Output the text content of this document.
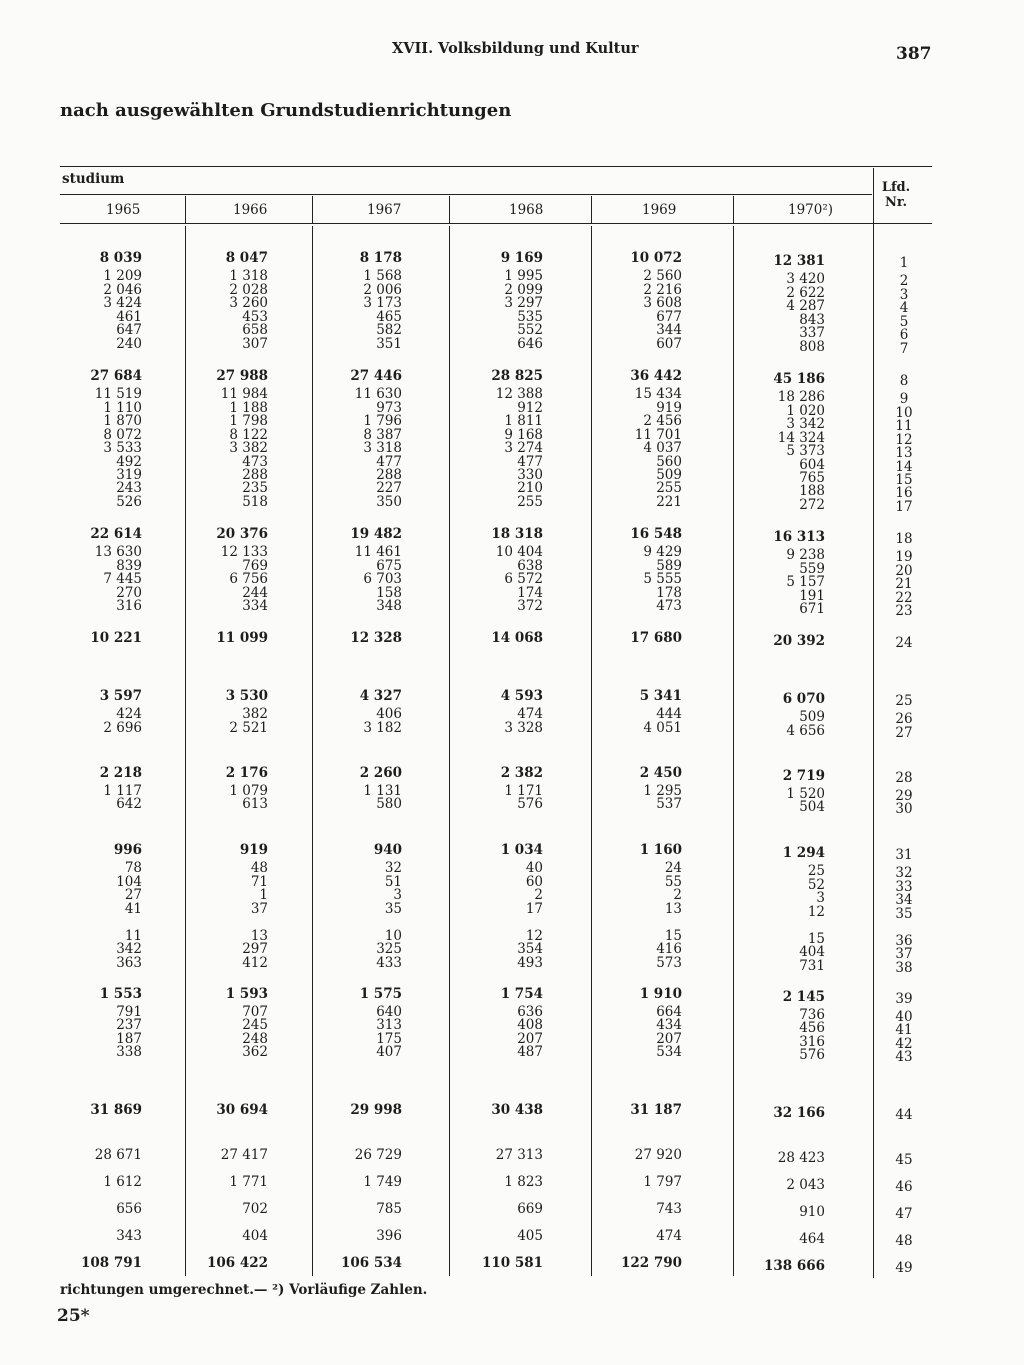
XVII. Volksbildung und Kultur	387
nach ausgewählten Grundstudienrichtungen
studium
1965	1966	1967	1968	1969	1970²)
Lfd.
Nr.
8 039	8 047	8 178	9 169	10 072	12 381	1
1 209	1 318	1 568	1 995	2 560	3 420	2
2 046	2 028	2 006	2 099	2 216	2 622	3
3 424	3 260	3 173	3 297	3 608	4 287	4
461	453	465	535	677	843	5
647	658	582	552	344	337	6
240	307	351	646	607	808	7
27 684	27 988	27 446	28 825	36 442	45 186	8
11 519	11 984	11 630	12 388	15 434	18 286	9
1 110	1 188	973	912	919	1 020	10
1 870	1 798	1 796	1 811	2 456	3 342	11
8 072	8 122	8 387	9 168	11 701	14 324	12
3 533	3 382	3 318	3 274	4 037	5 373	13
492	473	477	477	560	604	14
319	288	288	330	509	765	15
243	235	227	210	255	188	16
526	518	350	255	221	272	17
22 614	20 376	19 482	18 318	16 548	16 313	18
13 630	12 133	11 461	10 404	9 429	9 238	19
839	769	675	638	589	559	20
7 445	6 756	6 703	6 572	5 555	5 157	21
270	244	158	174	178	191	22
316	334	348	372	473	671	23
10 221	11 099	12 328	14 068	17 680	20 392	24
3 597	3 530	4 327	4 593	5 341	6 070	25
424	382	406	474	444	509	26
2 696	2 521	3 182	3 328	4 051	4 656	27
2 218	2 176	2 260	2 382	2 450	2 719	28
1 117	1 079	1 131	1 171	1 295	1 520	29
642	613	580	576	537	504	30
996	919	940	1 034	1 160	1 294	31
78	48	32	40	24	25	32
104	71	51	60	55	52	33
27	1	3	2	2	3	34
41	37	35	17	13	12	35
11	13	10	12	15	15	36
342	297	325	354	416	404	37
363	412	433	493	573	731	38
1 553	1 593	1 575	1 754	1 910	2 145	39
791	707	640	636	664	736	40
237	245	313	408	434	456	41
187	248	175	207	207	316	42
338	362	407	487	534	576	43
31 869	30 694	29 998	30 438	31 187	32 166	44
28 671	27 417	26 729	27 313	27 920	28 423	45
1 612	1 771	1 749	1 823	1 797	2 043	46
656	702	785	669	743	910	47
343	404	396	405	474	464	48
108 791	106 422	106 534	110 581	122 790	138 666	49
richtungen umgerechnet.— ²) Vorläufige Zahlen.
25*
